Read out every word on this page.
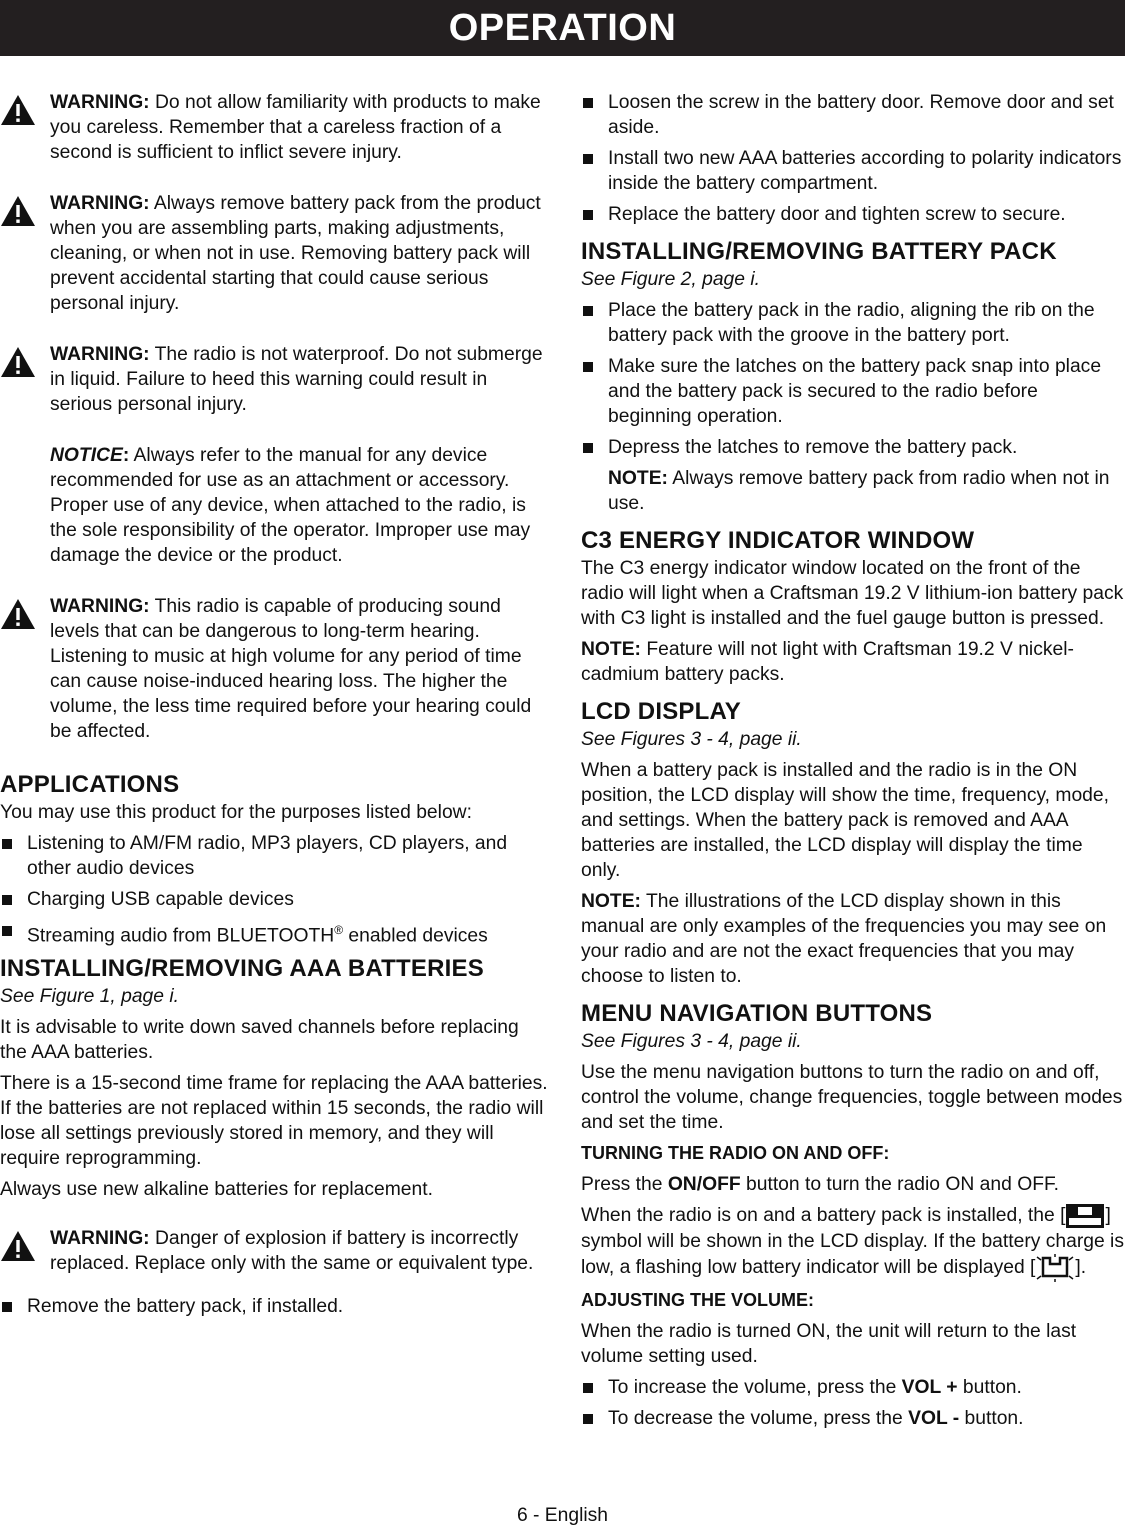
OPERATION

WARNING: Do not allow familiarity with products to make you careless. Remember that a careless fraction of a second is sufficient to inflict severe injury.

WARNING: Always remove battery pack from the product when you are assembling parts, making adjustments, cleaning, or when not in use. Removing battery pack will prevent accidental starting that could cause serious personal injury.

WARNING: The radio is not waterproof. Do not submerge in liquid. Failure to heed this warning could result in serious personal injury.

NOTICE: Always refer to the manual for any device recommended for use as an attachment or accessory. Proper use of any device, when attached to the radio, is the sole responsibility of the operator. Improper use may damage the device or the product.

WARNING: This radio is capable of producing sound levels that can be dangerous to long-term hearing. Listening to music at high volume for any period of time can cause noise-induced hearing loss. The higher the volume, the less time required before your hearing could be affected.

APPLICATIONS

You may use this product for the purposes listed below:

Listening to AM/FM radio, MP3 players, CD players, and other audio devices
Charging USB capable devices
Streaming audio from BLUETOOTH® enabled devices
INSTALLING/REMOVING AAA BATTERIES

See Figure 1, page i.

It is advisable to write down saved channels before replacing the AAA batteries.

There is a 15-second time frame for replacing the AAA batteries. If the batteries are not replaced within 15 seconds, the radio will lose all settings previously stored in memory, and they will require reprogramming.

Always use new alkaline batteries for replacement.

WARNING: Danger of explosion if battery is incorrectly replaced. Replace only with the same or equivalent type.

Remove the battery pack, if installed.
Loosen the screw in the battery door. Remove door and set aside.
Install two new AAA batteries according to polarity indicators inside the battery compartment.
Replace the battery door and tighten screw to secure.
INSTALLING/REMOVING BATTERY PACK

See Figure 2, page i.

Place the battery pack in the radio, aligning the rib on the battery pack with the groove in the battery port.
Make sure the latches on the battery pack snap into place and the battery pack is secured to the radio before beginning operation.
Depress the latches to remove the battery pack.

NOTE: Always remove battery pack from radio when not in use.

C3 ENERGY INDICATOR WINDOW

The C3 energy indicator window located on the front of the radio will light when a Craftsman 19.2 V lithium-ion battery pack with C3 light is installed and the fuel gauge button is pressed.

NOTE: Feature will not light with Craftsman 19.2 V nickel-cadmium battery packs.

LCD DISPLAY

See Figures 3 - 4, page ii.

When a battery pack is installed and the radio is in the ON position, the LCD display will show the time, frequency, mode, and settings. When the battery pack is removed and AAA batteries are installed, the LCD display will display the time only.

NOTE: The illustrations of the LCD display shown in this manual are only examples of the frequencies you may see on your radio and are not the exact frequencies that you may choose to listen to.

MENU NAVIGATION BUTTONS

See Figures 3 - 4, page ii.

Use the menu navigation buttons to turn the radio on and off, control the volume, change frequencies, toggle between modes and set the time.

TURNING THE RADIO ON AND OFF:

Press the ON/OFF button to turn the radio ON and OFF.

When the radio is on and a battery pack is installed, the [ ] symbol will be shown in the LCD display. If the battery charge is low, a flashing low battery indicator will be displayed [ ].

ADJUSTING THE VOLUME:

When the radio is turned ON, the unit will return to the last volume setting used.

To increase the volume, press the VOL + button.
To decrease the volume, press the VOL - button.
6 - English
